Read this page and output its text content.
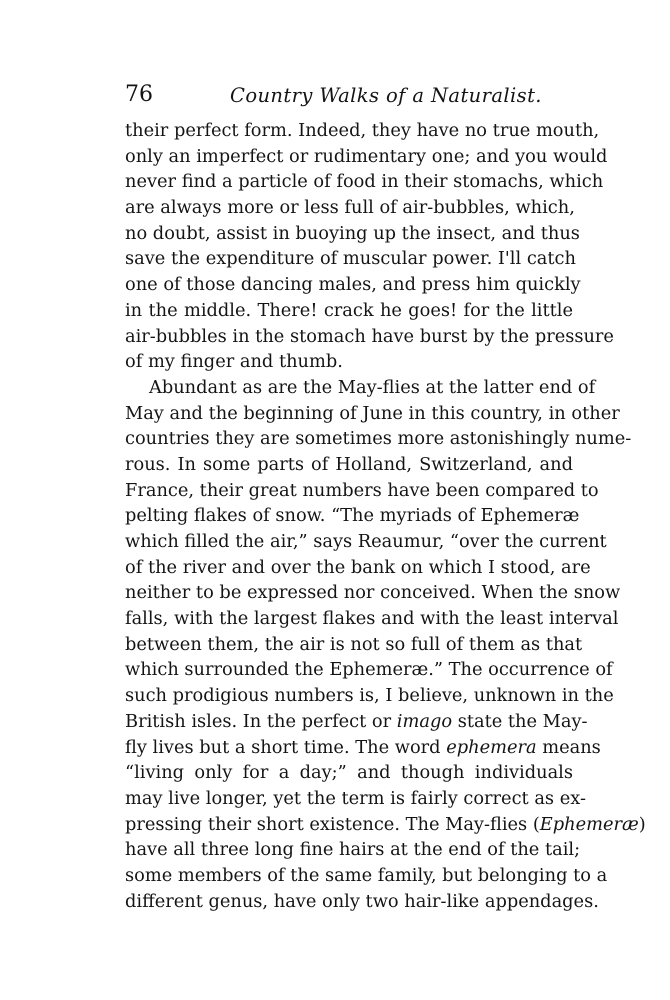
76	Country Walks of a Naturalist.
their perfect form. Indeed, they have no true mouth,
only an imperfect or rudimentary one; and you would
never find a particle of food in their stomachs, which
are always more or less full of air-bubbles, which,
no doubt, assist in buoying up the insect, and thus
save the expenditure of muscular power. I'll catch
one of those dancing males, and press him quickly
in the middle. There! crack he goes! for the little
air-bubbles in the stomach have burst by the pressure
of my finger and thumb.
Abundant as are the May-flies at the latter end of
May and the beginning of June in this country, in other
countries they are sometimes more astonishingly nume-
rous. In some parts of Holland, Switzerland, and
France, their great numbers have been compared to
pelting flakes of snow. “The myriads of Ephemeræ
which filled the air,” says Reaumur, “over the current
of the river and over the bank on which I stood, are
neither to be expressed nor conceived. When the snow
falls, with the largest flakes and with the least interval
between them, the air is not so full of them as that
which surrounded the Ephemeræ.” The occurrence of
such prodigious numbers is, I believe, unknown in the
British isles. In the perfect or imago state the May-
fly lives but a short time. The word ephemera means
“living only for a day;” and though individuals
may live longer, yet the term is fairly correct as ex-
pressing their short existence. The May-flies (Ephemeræ)
have all three long fine hairs at the end of the tail;
some members of the same family, but belonging to a
different genus, have only two hair-like appendages.
